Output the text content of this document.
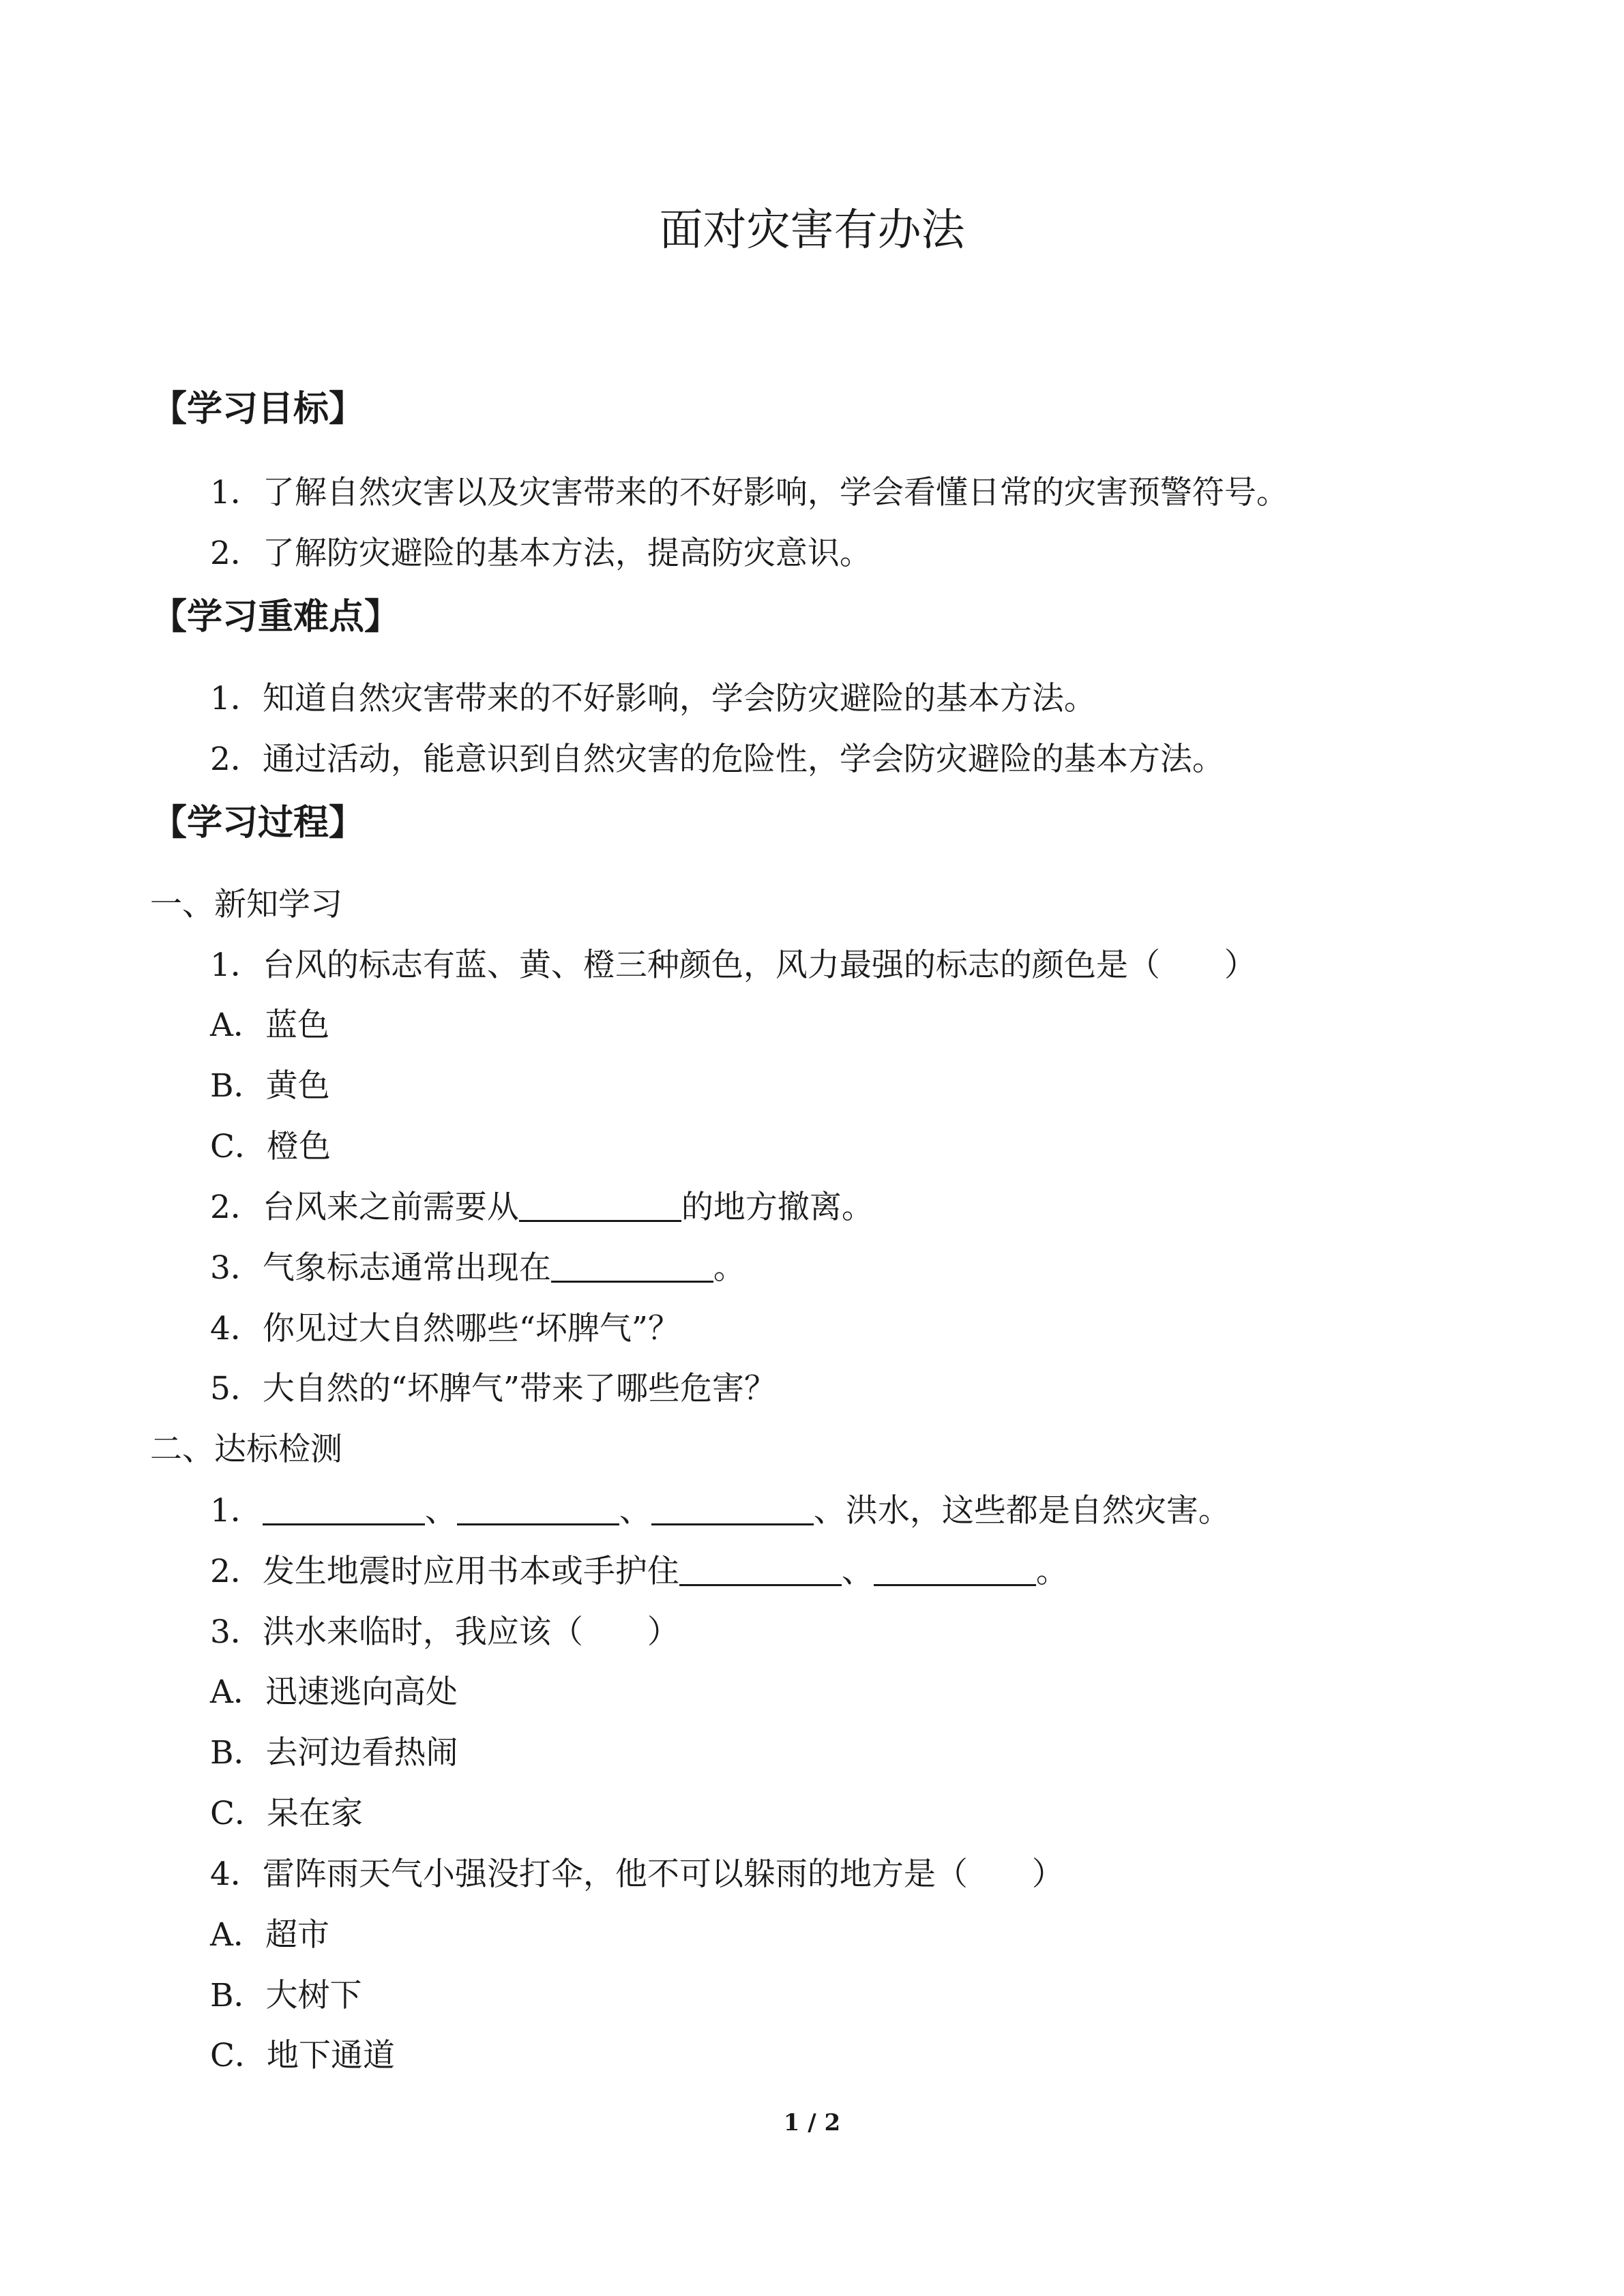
面对灾害有办法
【学习目标】
1．了解自然灾害以及灾害带来的不好影响，学会看懂日常的灾害预警符号。
2．了解防灾避险的基本方法，提高防灾意识。
【学习重难点】
1．知道自然灾害带来的不好影响，学会防灾避险的基本方法。
2．通过活动，能意识到自然灾害的危险性，学会防灾避险的基本方法。
【学习过程】
一、新知学习
1．台风的标志有蓝、黄、橙三种颜色，风力最强的标志的颜色是（　　）
A．蓝色
B．黄色
C．橙色
2．台风来之前需要从	的地方撤离。
3．气象标志通常出现在	。
4．你见过大自然哪些“坏脾气”？
5．大自然的“坏脾气”带来了哪些危害？
二、达标检测
1．	、	、	、洪水，这些都是自然灾害。
2．发生地震时应用书本或手护住	、	。
3．洪水来临时，我应该（　　）
A．迅速逃向高处
B．去河边看热闹
C．呆在家
4．雷阵雨天气小强没打伞，他不可以躲雨的地方是（　　）
A．超市
B．大树下
C．地下通道
1 / 2
